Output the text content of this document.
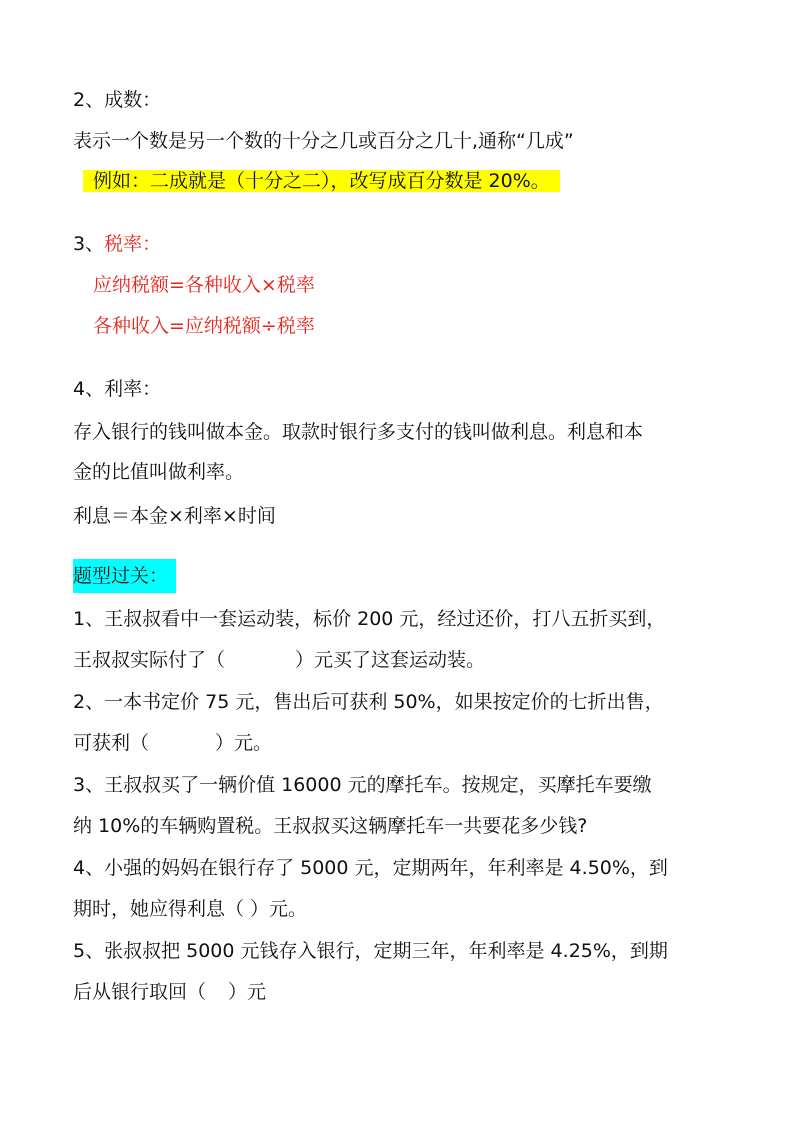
2、成数：

表示一个数是另一个数的十分之几或百分之几十,通称“几成”

例如：二成就是（十分之二），改写成百分数是 20%。

3、税率：

应纳税额=各种收入×税率

各种收入=应纳税额÷税率

4、利率：

存入银行的钱叫做本金。取款时银行多支付的钱叫做利息。利息和本

金的比值叫做利率。

利息＝本金×利率×时间

题型过关：

1、王叔叔看中一套运动装，标价 200 元，经过还价，打八五折买到，

王叔叔实际付了（	）元买了这套运动装。

2、一本书定价 75 元，售出后可获利 50%，如果按定价的七折出售，

可获利（	）元。

3、王叔叔买了一辆价值 16000 元的摩托车。按规定，买摩托车要缴

纳 10%的车辆购置税。王叔叔买这辆摩托车一共要花多少钱?

4、小强的妈妈在银行存了 5000 元，定期两年，年利率是 4.50%，到

期时，她应得利息（ ）元。

5、张叔叔把 5000 元钱存入银行，定期三年，年利率是 4.25%，到期

后从银行取回（ ）元
